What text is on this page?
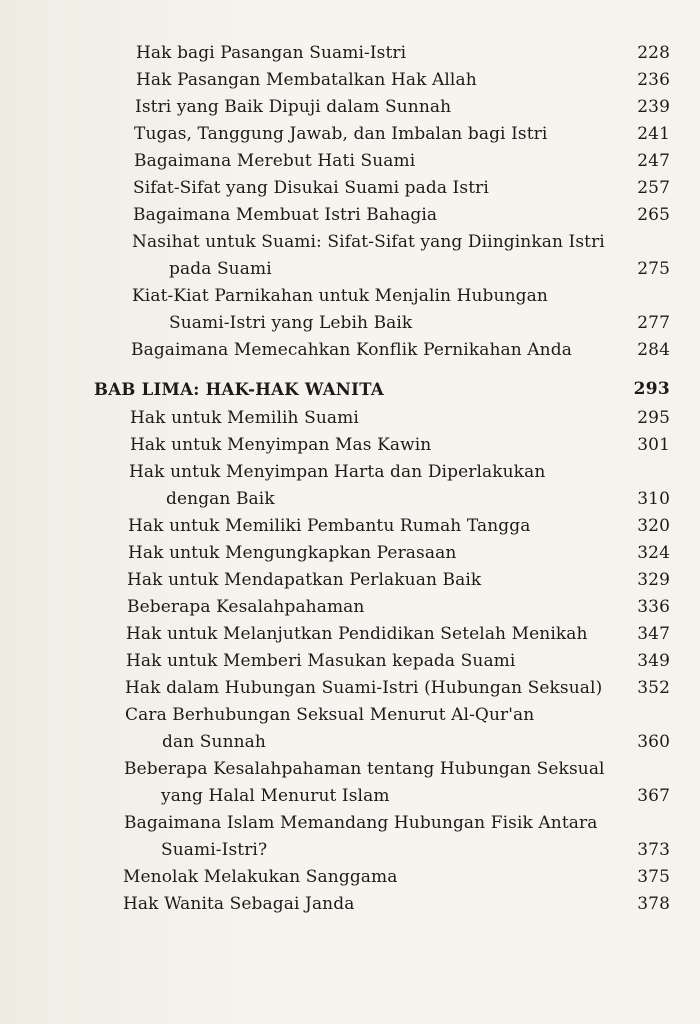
Hak bagi Pasangan Suami-Istri	228
Hak Pasangan Membatalkan Hak Allah	236
Istri yang Baik Dipuji dalam Sunnah	239
Tugas, Tanggung Jawab, dan Imbalan bagi Istri	241
Bagaimana Merebut Hati Suami	247
Sifat-Sifat yang Disukai Suami pada Istri	257
Bagaimana Membuat Istri Bahagia	265
Nasihat untuk Suami: Sifat-Sifat yang Diinginkan Istri
pada Suami	275
Kiat-Kiat Parnikahan untuk Menjalin Hubungan
Suami-Istri yang Lebih Baik	277
Bagaimana Memecahkan Konflik Pernikahan Anda	284
BAB LIMA: HAK-HAK WANITA	293
Hak untuk Memilih Suami	295
Hak untuk Menyimpan Mas Kawin	301
Hak untuk Menyimpan Harta dan Diperlakukan
dengan Baik	310
Hak untuk Memiliki Pembantu Rumah Tangga	320
Hak untuk Mengungkapkan Perasaan	324
Hak untuk Mendapatkan Perlakuan Baik	329
Beberapa Kesalahpahaman	336
Hak untuk Melanjutkan Pendidikan Setelah Menikah	347
Hak untuk Memberi Masukan kepada Suami	349
Hak dalam Hubungan Suami-Istri (Hubungan Seksual)	352
Cara Berhubungan Seksual Menurut Al-Qur'an
dan Sunnah	360
Beberapa Kesalahpahaman tentang Hubungan Seksual
yang Halal Menurut Islam	367
Bagaimana Islam Memandang Hubungan Fisik Antara
Suami-Istri?	373
Menolak Melakukan Sanggama	375
Hak Wanita Sebagai Janda	378
